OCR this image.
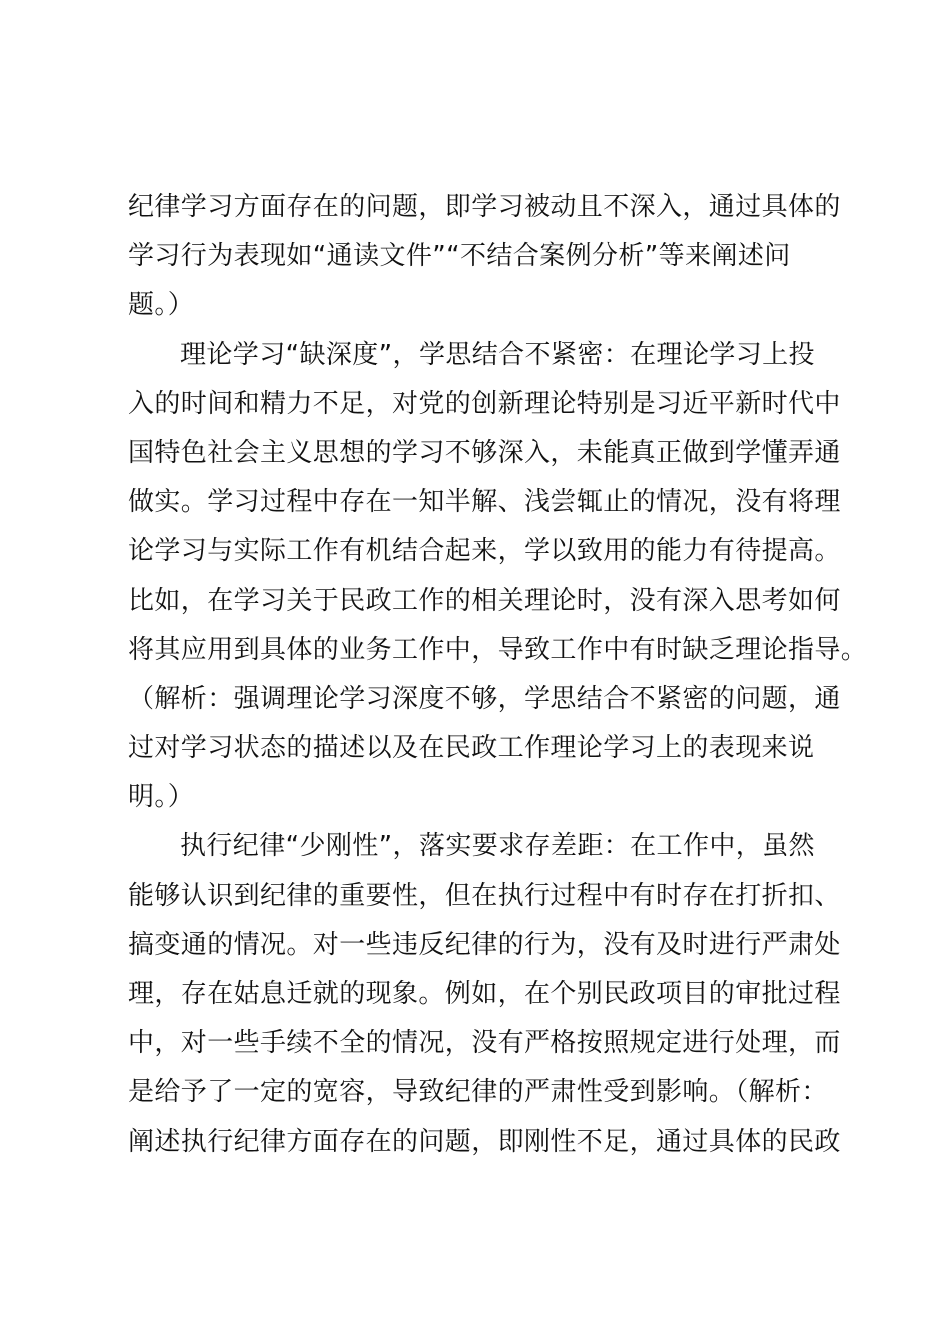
纪律学习方面存在的问题，即学习被动且不深入，通过具体的
学习行为表现如“通读文件”“不结合案例分析”等来阐述问
题。）
理论学习“缺深度”，学思结合不紧密：在理论学习上投
入的时间和精力不足，对党的创新理论特别是习近平新时代中
国特色社会主义思想的学习不够深入，未能真正做到学懂弄通
做实。学习过程中存在一知半解、浅尝辄止的情况，没有将理
论学习与实际工作有机结合起来，学以致用的能力有待提高。
比如，在学习关于民政工作的相关理论时，没有深入思考如何
将其应用到具体的业务工作中，导致工作中有时缺乏理论指导。
（解析：强调理论学习深度不够，学思结合不紧密的问题，通
过对学习状态的描述以及在民政工作理论学习上的表现来说
明。）
执行纪律“少刚性”，落实要求存差距：在工作中，虽然
能够认识到纪律的重要性，但在执行过程中有时存在打折扣、
搞变通的情况。对一些违反纪律的行为，没有及时进行严肃处
理，存在姑息迁就的现象。例如，在个别民政项目的审批过程
中，对一些手续不全的情况，没有严格按照规定进行处理，而
是给予了一定的宽容，导致纪律的严肃性受到影响。（解析：
阐述执行纪律方面存在的问题，即刚性不足，通过具体的民政
